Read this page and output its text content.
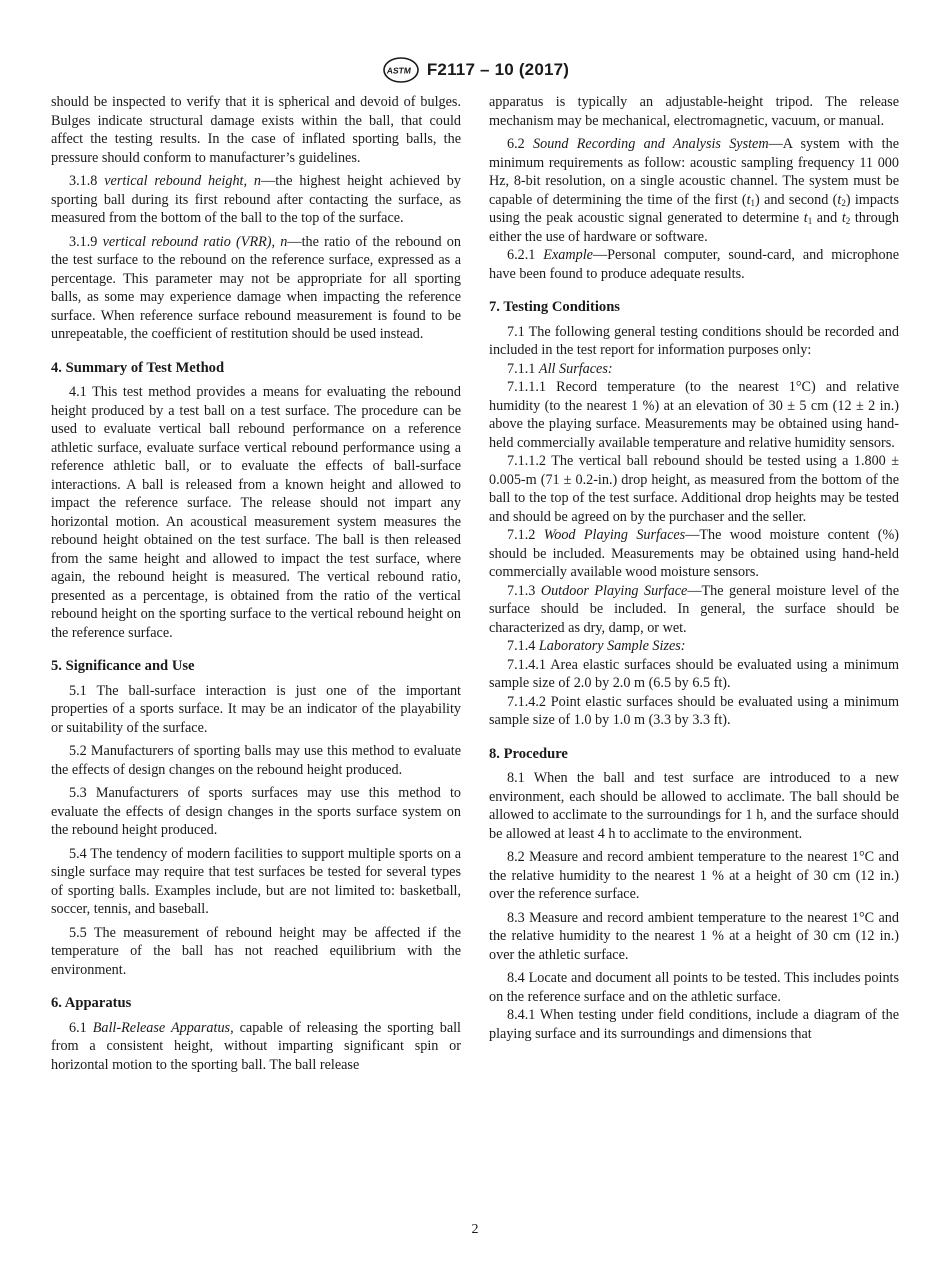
ASTM F2117 – 10 (2017)

should be inspected to verify that it is spherical and devoid of bulges. Bulges indicate structural damage exists within the ball, that could affect the testing results. In the case of inflated sporting balls, the pressure should conform to manufacturer’s guidelines.

3.1.8 vertical rebound height, n—the highest height achieved by sporting ball during its first rebound after contacting the surface, as measured from the bottom of the ball to the top of the surface.

3.1.9 vertical rebound ratio (VRR), n—the ratio of the rebound on the test surface to the rebound on the reference surface, expressed as a percentage. This parameter may not be appropriate for all sporting balls, as some may experience damage when impacting the reference surface. When reference surface rebound measurement is found to be unrepeatable, the coefficient of restitution should be used instead.

4. Summary of Test Method

4.1 This test method provides a means for evaluating the rebound height produced by a test ball on a test surface. The procedure can be used to evaluate vertical ball rebound performance on a reference athletic surface, evaluate surface vertical rebound performance using a reference athletic ball, or to evaluate the effects of ball-surface interactions. A ball is released from a known height and allowed to impact the reference surface. The release should not impart any horizontal motion. An acoustical measurement system measures the rebound height obtained on the test surface. The ball is then released from the same height and allowed to impact the test surface, where again, the rebound height is measured. The vertical rebound ratio, presented as a percentage, is obtained from the ratio of the vertical rebound height on the sporting surface to the vertical rebound height on the reference surface.

5. Significance and Use

5.1 The ball-surface interaction is just one of the important properties of a sports surface. It may be an indicator of the playability or suitability of the surface.

5.2 Manufacturers of sporting balls may use this method to evaluate the effects of design changes on the rebound height produced.

5.3 Manufacturers of sports surfaces may use this method to evaluate the effects of design changes in the sports surface system on the rebound height produced.

5.4 The tendency of modern facilities to support multiple sports on a single surface may require that test surfaces be tested for several types of sporting balls. Examples include, but are not limited to: basketball, soccer, tennis, and baseball.

5.5 The measurement of rebound height may be affected if the temperature of the ball has not reached equilibrium with the environment.

6. Apparatus

6.1 Ball-Release Apparatus, capable of releasing the sporting ball from a consistent height, without imparting significant spin or horizontal motion to the sporting ball. The ball release

apparatus is typically an adjustable-height tripod. The release mechanism may be mechanical, electromagnetic, vacuum, or manual.

6.2 Sound Recording and Analysis System—A system with the minimum requirements as follow: acoustic sampling frequency 11 000 Hz, 8-bit resolution, on a single acoustic channel. The system must be capable of determining the time of the first $(t_1)$ and second $(t_2)$ impacts using the peak acoustic signal generated to determine $t_1$ and $t_2$ through either the use of hardware or software.

6.2.1 Example—Personal computer, sound-card, and microphone have been found to produce adequate results.

7. Testing Conditions

7.1 The following general testing conditions should be recorded and included in the test report for information purposes only:

7.1.1 All Surfaces:

7.1.1.1 Record temperature (to the nearest 1°C) and relative humidity (to the nearest 1 %) at an elevation of 30 ± 5 cm (12 ± 2 in.) above the playing surface. Measurements may be obtained using hand-held commercially available temperature and relative humidity sensors.

7.1.1.2 The vertical ball rebound should be tested using a 1.800 ± 0.005-m (71 ± 0.2-in.) drop height, as measured from the bottom of the ball to the top of the test surface. Additional drop heights may be tested and should be agreed on by the purchaser and the seller.

7.1.2 Wood Playing Surfaces—The wood moisture content (%) should be included. Measurements may be obtained using hand-held commercially available wood moisture sensors.

7.1.3 Outdoor Playing Surface—The general moisture level of the surface should be included. In general, the surface should be characterized as dry, damp, or wet.

7.1.4 Laboratory Sample Sizes:

7.1.4.1 Area elastic surfaces should be evaluated using a minimum sample size of 2.0 by 2.0 m (6.5 by 6.5 ft).

7.1.4.2 Point elastic surfaces should be evaluated using a minimum sample size of 1.0 by 1.0 m (3.3 by 3.3 ft).

8. Procedure

8.1 When the ball and test surface are introduced to a new environment, each should be allowed to acclimate. The ball should be allowed to acclimate to the surroundings for 1 h, and the surface should be allowed at least 4 h to acclimate to the environment.

8.2 Measure and record ambient temperature to the nearest 1°C and the relative humidity to the nearest 1 % at a height of 30 cm (12 in.) over the reference surface.

8.3 Measure and record ambient temperature to the nearest 1°C and the relative humidity to the nearest 1 % at a height of 30 cm (12 in.) over the athletic surface.

8.4 Locate and document all points to be tested. This includes points on the reference surface and on the athletic surface.

8.4.1 When testing under field conditions, include a diagram of the playing surface and its surroundings and dimensions that

2
